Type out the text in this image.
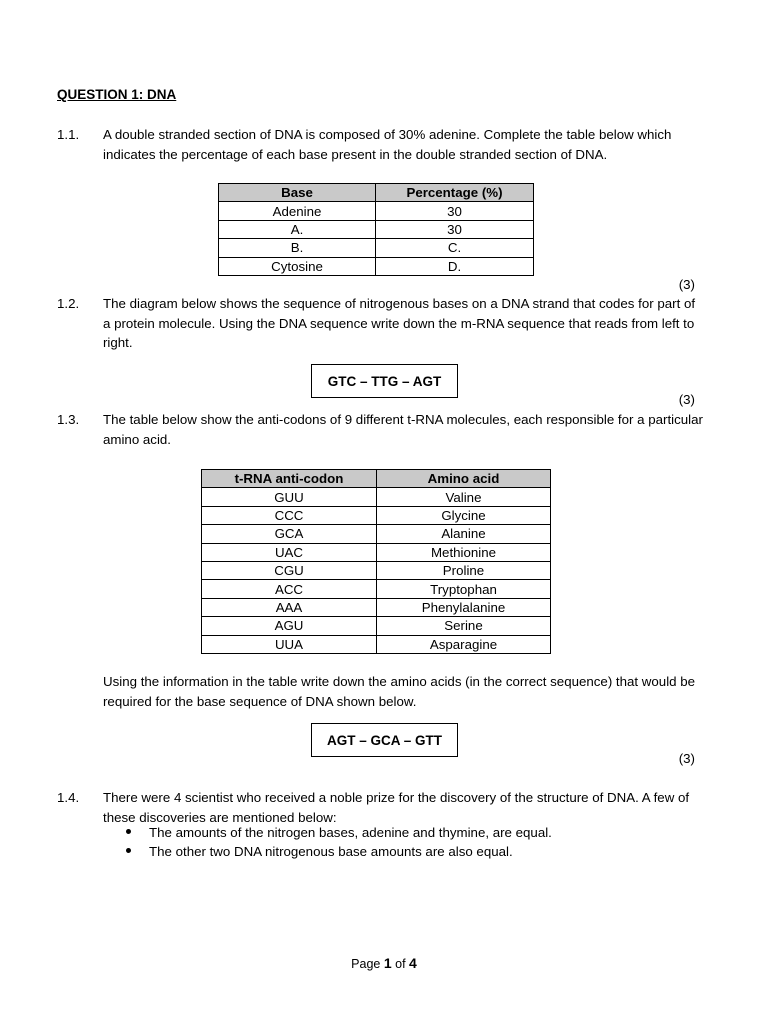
QUESTION 1: DNA
1.1. A double stranded section of DNA is composed of 30% adenine. Complete the table below which indicates the percentage of each base present in the double stranded section of DNA.
Base	Percentage (%)
Adenine	30
A.	30
B.	C.
Cytosine	D.
(3)
1.2. The diagram below shows the sequence of nitrogenous bases on a DNA strand that codes for part of a protein molecule. Using the DNA sequence write down the m-RNA sequence that reads from left to right.
GTC – TTG – AGT
(3)
1.3. The table below show the anti-codons of 9 different t-RNA molecules, each responsible for a particular amino acid.
t-RNA anti-codon	Amino acid
GUU	Valine
CCC	Glycine
GCA	Alanine
UAC	Methionine
CGU	Proline
ACC	Tryptophan
AAA	Phenylalanine
AGU	Serine
UUA	Asparagine
Using the information in the table write down the amino acids (in the correct sequence) that would be required for the base sequence of DNA shown below.
AGT – GCA – GTT
(3)
1.4. There were 4 scientist who received a noble prize for the discovery of the structure of DNA. A few of these discoveries are mentioned below:
The amounts of the nitrogen bases, adenine and thymine, are equal.
The other two DNA nitrogenous base amounts are also equal.
Page 1 of 4
